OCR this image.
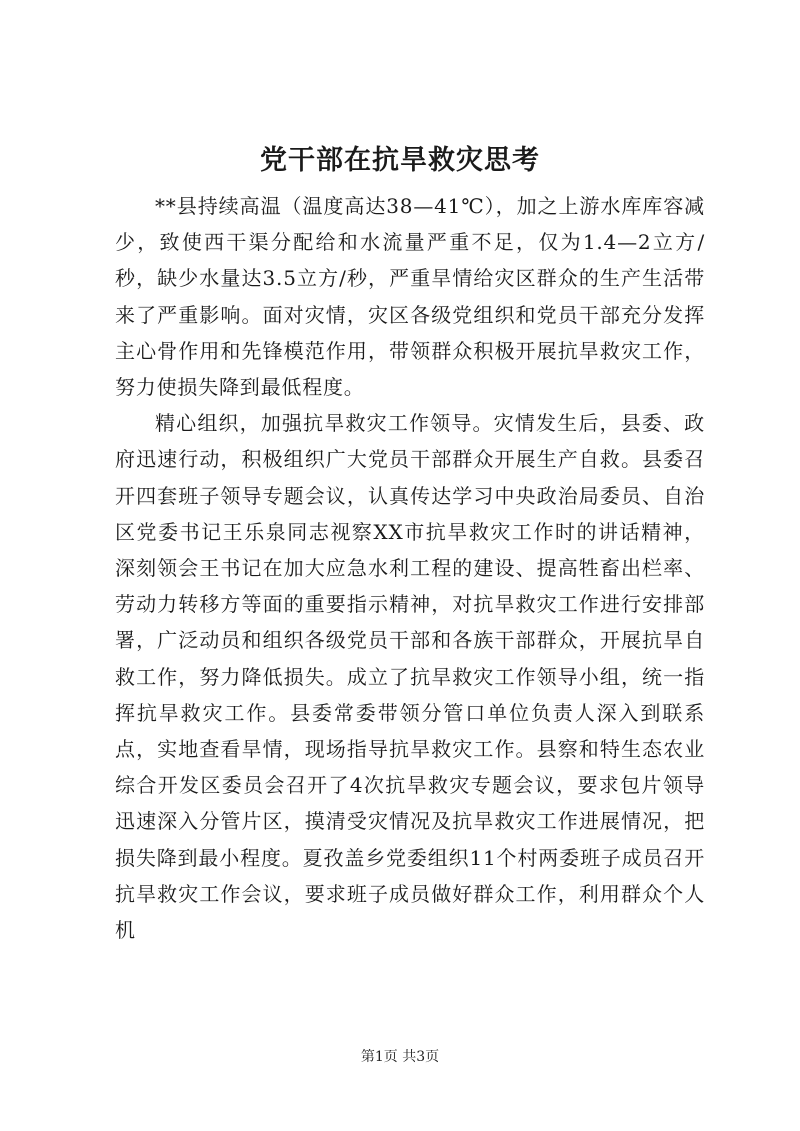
党干部在抗旱救灾思考

**县持续高温（温度高达38—41℃），加之上游水库库容减少，致使西干渠分配给和水流量严重不足，仅为1.4—2立方/秒，缺少水量达3.5立方/秒，严重旱情给灾区群众的生产生活带来了严重影响。面对灾情，灾区各级党组织和党员干部充分发挥主心骨作用和先锋模范作用，带领群众积极开展抗旱救灾工作，努力使损失降到最低程度。

精心组织，加强抗旱救灾工作领导。灾情发生后，县委、政府迅速行动，积极组织广大党员干部群众开展生产自救。县委召开四套班子领导专题会议，认真传达学习中央政治局委员、自治区党委书记王乐泉同志视察XX市抗旱救灾工作时的讲话精神，深刻领会王书记在加大应急水利工程的建设、提高牲畜出栏率、劳动力转移方等面的重要指示精神，对抗旱救灾工作进行安排部署，广泛动员和组织各级党员干部和各族干部群众，开展抗旱自救工作，努力降低损失。成立了抗旱救灾工作领导小组，统一指挥抗旱救灾工作。县委常委带领分管口单位负责人深入到联系点，实地查看旱情，现场指导抗旱救灾工作。县察和特生态农业综合开发区委员会召开了4次抗旱救灾专题会议，要求包片领导迅速深入分管片区，摸清受灾情况及抗旱救灾工作进展情况，把损失降到最小程度。夏孜盖乡党委组织11个村两委班子成员召开抗旱救灾工作会议，要求班子成员做好群众工作，利用群众个人机

第1页 共3页
